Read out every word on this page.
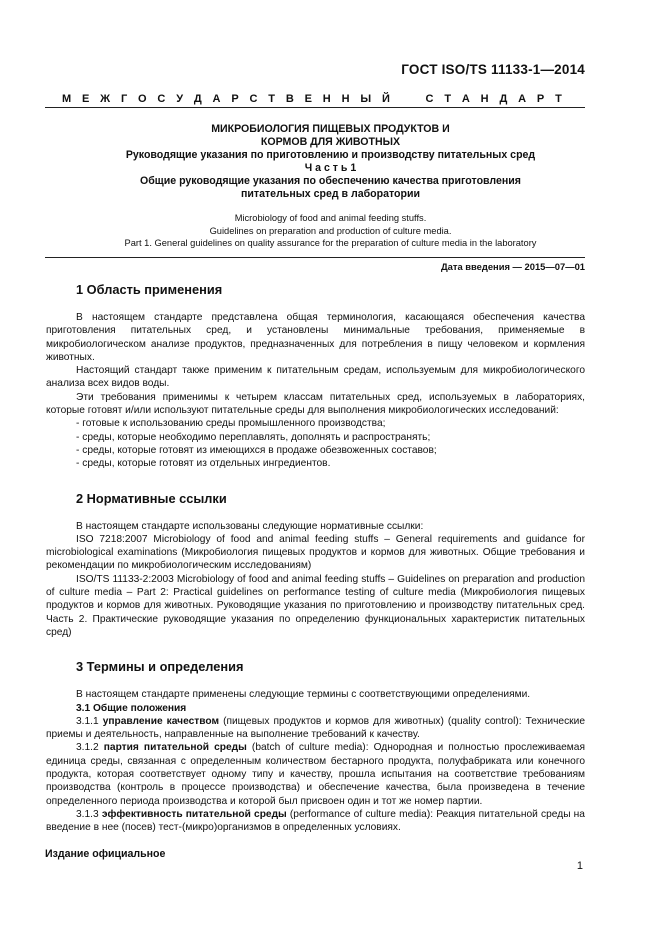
ГОСТ ISO/TS 11133-1—2014
М Е Ж Г О С У Д А Р С Т В Е Н Н Ы Й	С Т А Н Д А Р Т
МИКРОБИОЛОГИЯ ПИЩЕВЫХ ПРОДУКТОВ И
КОРМОВ ДЛЯ ЖИВОТНЫХ
Руководящие указания по приготовлению и производству питательных сред
Ч а с т ь 1
Общие руководящие указания по обеспечению качества приготовления
питательных сред в лаборатории
Microbiology of food and animal feeding stuffs.
Guidelines on preparation and production of culture media.
Part 1. General guidelines on quality assurance for the preparation of culture media in the laboratory
Дата введения — 2015—07—01
1 Область применения

В настоящем стандарте представлена общая терминология, касающаяся обеспечения качества приготовления питательных сред, и установлены минимальные требования, применяемые в микробиологическом анализе продуктов, предназначенных для потребления в пищу человеком и кормления животных.

Настоящий стандарт также применим к питательным средам, используемым для микробиологического анализа всех видов воды.

Эти требования применимы к четырем классам питательных сред, используемых в лабораториях, которые готовят и/или используют питательные среды для выполнения микробиологических исследований:

- готовые к использованию среды промышленного производства;

- среды, которые необходимо переплавлять, дополнять и распространять;

- среды, которые готовят из имеющихся в продаже обезвоженных составов;

- среды, которые готовят из отдельных ингредиентов.

2 Нормативные ссылки

В настоящем стандарте использованы следующие нормативные ссылки:

ISO 7218:2007 Microbiology of food and animal feeding stuffs – General requirements and guidance for microbiological examinations (Микробиология пищевых продуктов и кормов для животных. Общие требования и рекомендации по микробиологическим исследованиям)

ISO/TS 11133-2:2003 Microbiology of food and animal feeding stuffs – Guidelines on preparation and production of culture media – Part 2: Practical guidelines on performance testing of culture media (Микробиология пищевых продуктов и кормов для животных. Руководящие указания по приготовлению и производству питательных сред. Часть 2. Практические руководящие указания по определению функциональных характеристик питательных сред)

3 Термины и определения

В настоящем стандарте применены следующие термины с соответствующими определениями.

3.1 Общие положения

3.1.1 управление качеством (пищевых продуктов и кормов для животных) (quality control): Технические приемы и деятельность, направленные на выполнение требований к качеству.

3.1.2 партия питательной среды (batch of culture media): Однородная и полностью прослеживаемая единица среды, связанная с определенным количеством бестарного продукта, полуфабриката или конечного продукта, которая соответствует одному типу и качеству, прошла испытания на соответствие требованиям производства (контроль в процессе производства) и обеспечение качества, была произведена в течение определенного периода производства и которой был присвоен один и тот же номер партии.

3.1.3 эффективность питательной среды (performance of culture media): Реакция питательной среды на введение в нее (посев) тест-(микро)организмов в определенных условиях.

Издание официальное
1
